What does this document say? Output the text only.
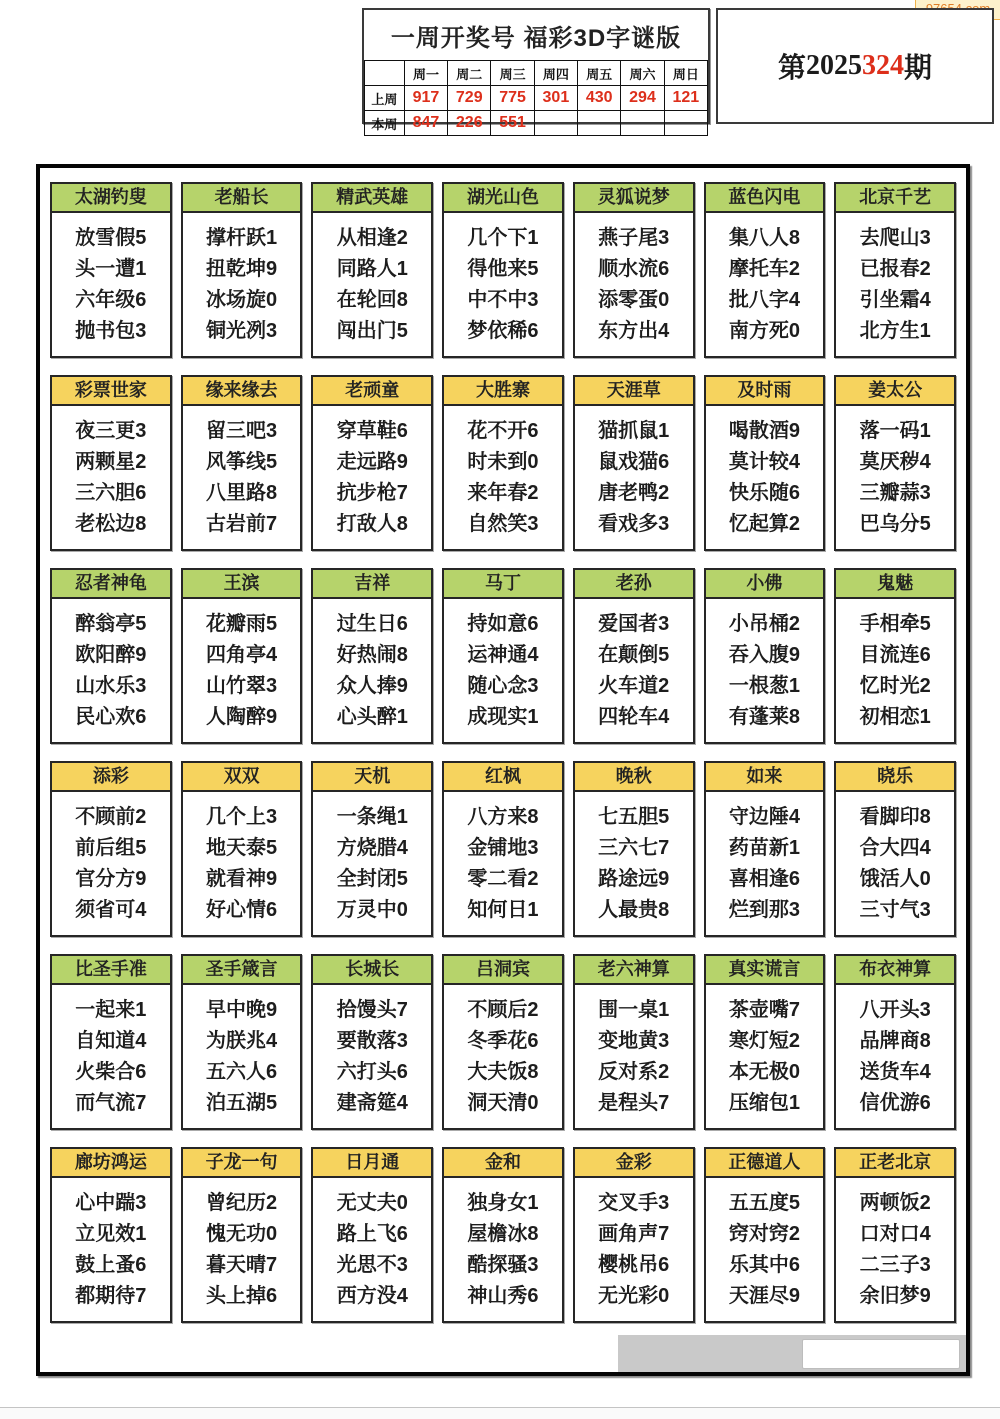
一周开奖号 福彩3D字谜版
	周一	周二	周三	周四	周五	周六	周日
上周	917	729	775	301	430	294	121
本周	847	226	551				
第 2025 324 期
太湖钓叟
放雪假5
头一遭1
六年级6
抛书包3
老船长
撑杆跃1
扭乾坤9
冰场旋0
铜光冽3
精武英雄
从相逢2
同路人1
在轮回8
闯出门5
湖光山色
几个下1
得他来5
中不中3
梦依稀6
灵狐说梦
燕子尾3
顺水流6
添零蛋0
东方出4
蓝色闪电
集八人8
摩托车2
批八字4
南方死0
北京千艺
去爬山3
已报春2
引坐霜4
北方生1
彩票世家
夜三更3
两颗星2
三六胆6
老松边8
缘来缘去
留三吧3
风筝线5
八里路8
古岩前7
老顽童
穿草鞋6
走远路9
抗步枪7
打敌人8
大胜寨
花不开6
时未到0
来年春2
自然笑3
天涯草
猫抓鼠1
鼠戏猫6
唐老鸭2
看戏多3
及时雨
喝散酒9
莫计较4
快乐随6
忆起算2
姜太公
落一码1
莫厌秽4
三瓣蒜3
巴乌分5
忍者神龟
醉翁亭5
欧阳醉9
山水乐3
民心欢6
王滨
花瓣雨5
四角亭4
山竹翠3
人陶醉9
吉祥
过生日6
好热闹8
众人捧9
心头醉1
马丁
持如意6
运神通4
随心念3
成现实1
老孙
爱国者3
在颠倒5
火车道2
四轮车4
小佛
小吊桶2
吞入腹9
一根葱1
有蓬莱8
鬼魅
手相牵5
目流连6
忆时光2
初相恋1
添彩
不顾前2
前后组5
官分方9
须省可4
双双
几个上3
地天泰5
就看神9
好心情6
天机
一条绳1
方烧腊4
全封闭5
万灵中0
红枫
八方来8
金铺地3
零二看2
知何日1
晚秋
七五胆5
三六七7
路途远9
人最贵8
如来
守边陲4
药苗新1
喜相逢6
烂到那3
晓乐
看脚印8
合大四4
饿活人0
三寸气3
比圣手准
一起来1
自知道4
火柴合6
而气流7
圣手箴言
早中晚9
为朕兆4
五六人6
泊五湖5
长城长
拾馒头7
要散落3
六打头6
建斋筵4
吕洞宾
不顾后2
冬季花6
大夫饭8
洞天清0
老六神算
围一桌1
变地黄3
反对系2
是程头7
真实谎言
茶壶嘴7
寒灯短2
本无极0
压缩包1
布衣神算
八开头3
品牌商8
送货车4
信优游6
廊坊鸿运
心中踹3
立见效1
鼓上蚤6
都期待7
子龙一句
曾纪历2
愧无功0
暮天晴7
头上掉6
日月通
无丈夫0
路上飞6
光思不3
西方没4
金和
独身女1
屋檐冰8
酷探骚3
神山秀6
金彩
交叉手3
画角声7
樱桃吊6
无光彩0
正德道人
五五度5
窍对窍2
乐其中6
天涯尽9
正老北京
两顿饭2
口对口4
二三子3
余旧梦9
